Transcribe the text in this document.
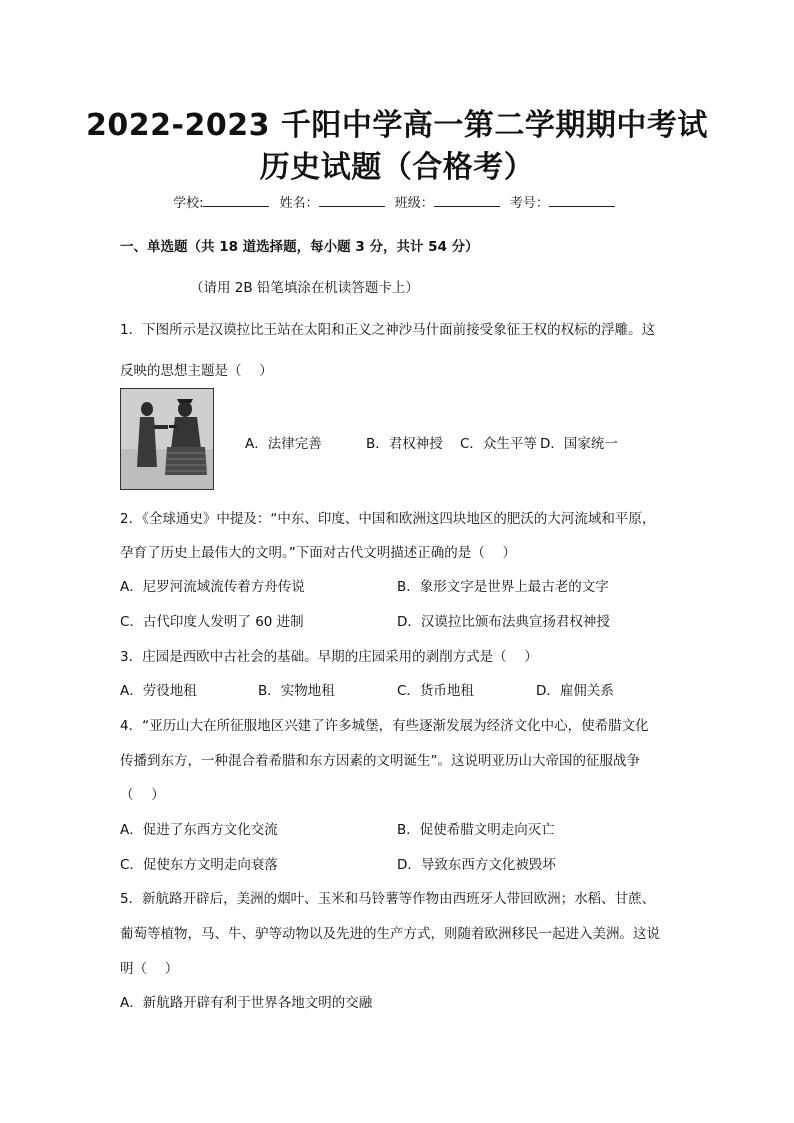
2022-2023 千阳中学高一第二学期期中考试
历史试题（合格考）
学校:	姓名：	班级：	考号：
一、单选题（共 18 道选择题，每小题 3 分，共计 54 分）
（请用 2B 铅笔填涂在机读答题卡上）
1．下图所示是汉谟拉比王站在太阳和正义之神沙马什面前接受象征王权的权标的浮雕。这
反映的思想主题是（　 ）
A．法律完善	B．君权神授 C．众生平等 D．国家统一
2．《全球通史》中提及：“中东、印度、中国和欧洲这四块地区的肥沃的大河流域和平原，
孕育了历史上最伟大的文明。”下面对古代文明描述正确的是（　 ）
A．尼罗河流域流传着方舟传说	B．象形文字是世界上最古老的文字
C．古代印度人发明了 60 进制	D．汉谟拉比颁布法典宣扬君权神授
3．庄园是西欧中古社会的基础。早期的庄园采用的剥削方式是（　 ）
A．劳役地租	B．实物地租	C．货币地租	D．雇佣关系
4．“亚历山大在所征服地区兴建了许多城堡，有些逐渐发展为经济文化中心，使希腊文化
传播到东方，一种混合着希腊和东方因素的文明诞生”。这说明亚历山大帝国的征服战争
（　 ）
A．促进了东西方文化交流	B．促使希腊文明走向灭亡
C．促使东方文明走向衰落	D．导致东西方文化被毁坏
5．新航路开辟后，美洲的烟叶、玉米和马铃薯等作物由西班牙人带回欧洲；水稻、甘蔗、
葡萄等植物，马、牛、驴等动物以及先进的生产方式，则随着欧洲移民一起进入美洲。这说
明（　 ）
A．新航路开辟有利于世界各地文明的交融
